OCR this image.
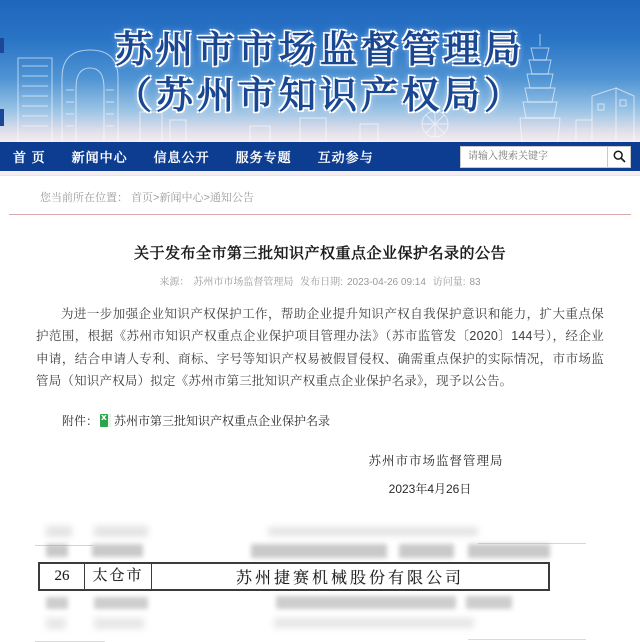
苏州市市场监督管理局
（苏州市知识产权局）
首 页 新闻中心 信息公开 服务专题 互动参与
请输入搜索关键字
您当前所在位置： 首页>新闻中心>通知公告
关于发布全市第三批知识产权重点企业保护名录的公告
来源： 苏州市市场监督管理局 发布日期: 2023-04-26 09:14 访问量: 83
为进一步加强企业知识产权保护工作，帮助企业提升知识产权自我保护意识和能力，扩大重点保护范围，根据《苏州市知识产权重点企业保护项目管理办法》（苏市监管发〔2020〕144号），经企业申请，结合申请人专利、商标、字号等知识产权易被假冒侵权、确需重点保护的实际情况，市市场监管局（知识产权局）拟定《苏州市第三批知识产权重点企业保护名录》，现予以公告。
附件： x 苏州市第三批知识产权重点企业保护名录
苏州市市场监督管理局
2023年4月26日
26	太仓市	苏州捷赛机械股份有限公司
